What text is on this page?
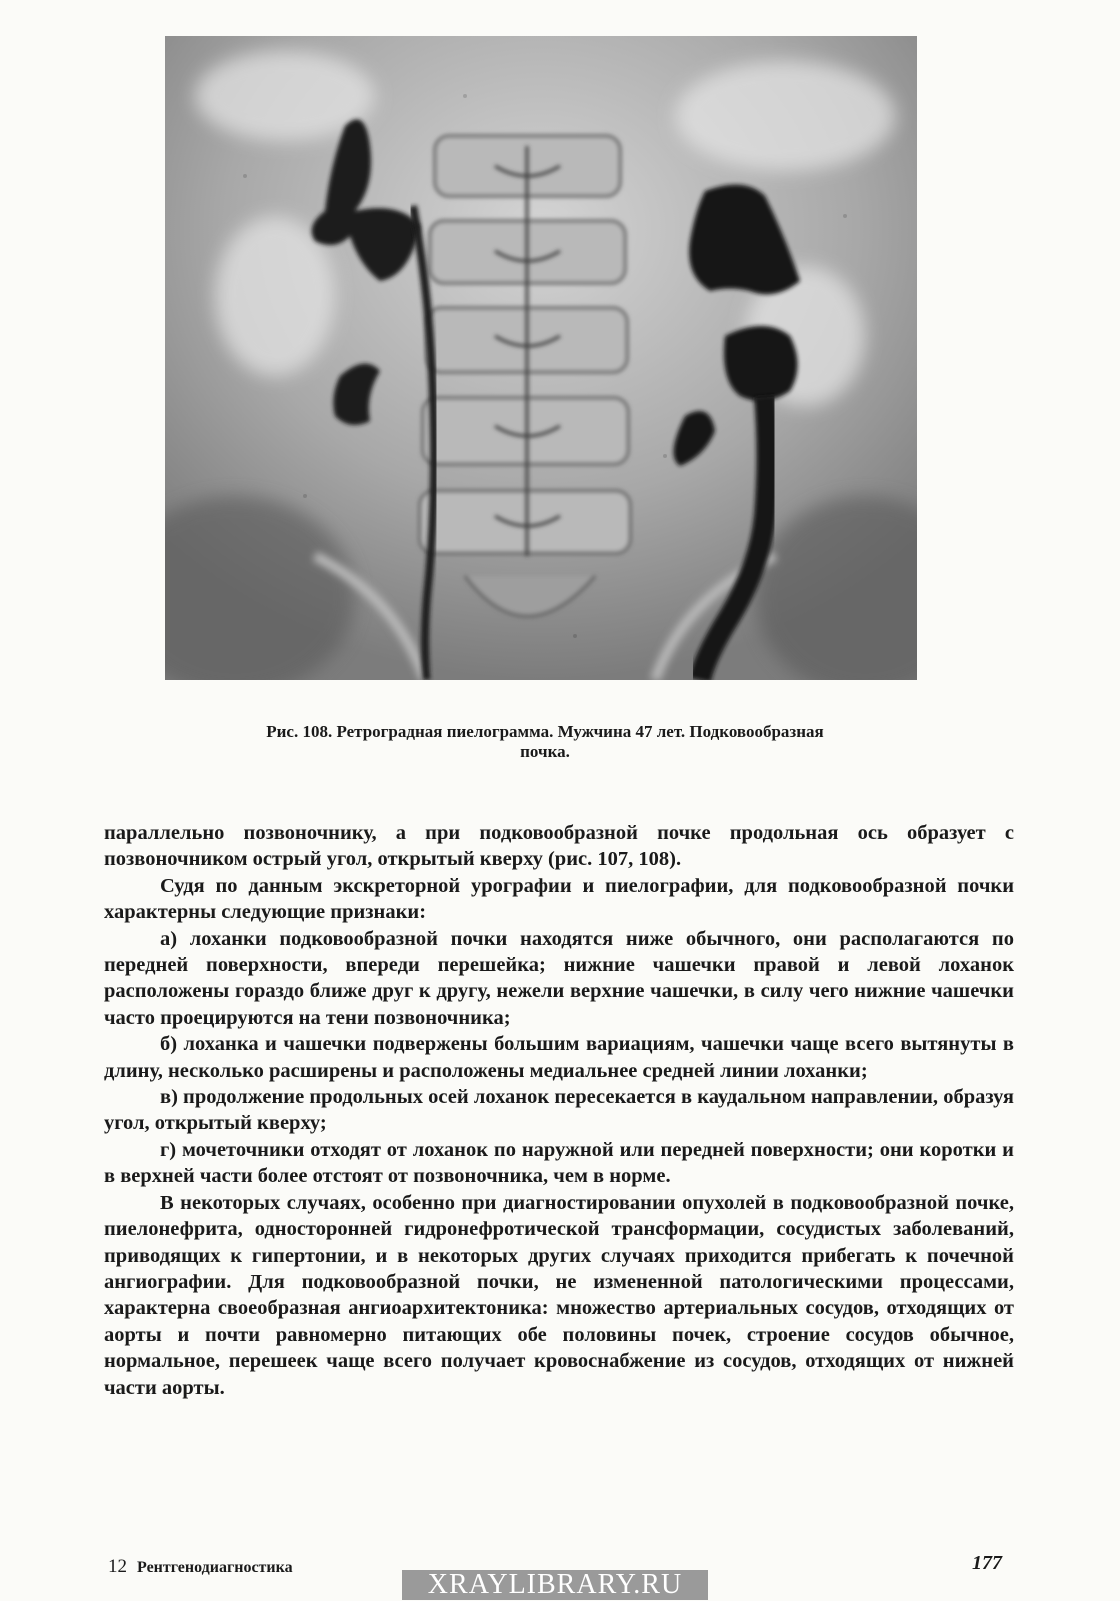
Рис. 108. Ретроградная пиелограмма. Мужчина 47 лет. Подковообразная
почка.

параллельно позвоночнику, а при подковообразной почке продольная ось образует с позвоночником острый угол, открытый кверху (рис. 107, 108).

Судя по данным экскреторной урографии и пиелографии, для подковообразной почки характерны следующие признаки:

а) лоханки подковообразной почки находятся ниже обычного, они располагаются по передней поверхности, впереди перешейка; нижние чашечки правой и левой лоханок расположены гораздо ближе друг к другу, нежели верхние чашечки, в силу чего нижние чашечки часто проецируются на тени позвоночника;

б) лоханка и чашечки подвержены большим вариациям, чашечки чаще всего вытянуты в длину, несколько расширены и расположены медиальнее средней линии лоханки;

в) продолжение продольных осей лоханок пересекается в каудальном направлении, образуя угол, открытый кверху;

г) мочеточники отходят от лоханок по наружной или передней поверхности; они коротки и в верхней части более отстоят от позвоночника, чем в норме.

В некоторых случаях, особенно при диагностировании опухолей в подковообразной почке, пиелонефрита, односторонней гидронефротической трансформации, сосудистых заболеваний, приводящих к гипертонии, и в некоторых других случаях приходится прибегать к почечной ангиографии. Для подковообразной почки, не измененной патологическими процессами, характерна своеобразная ангиоархитектоника: множество артериальных сосудов, отходящих от аорты и почти равномерно питающих обе половины почек, строение сосудов обычное, нормальное, перешеек чаще всего получает кровоснабжение из сосудов, отходящих от нижней части аорты.

12 Рентгенодиагностика	177
XRAYLIBRARY.RU
